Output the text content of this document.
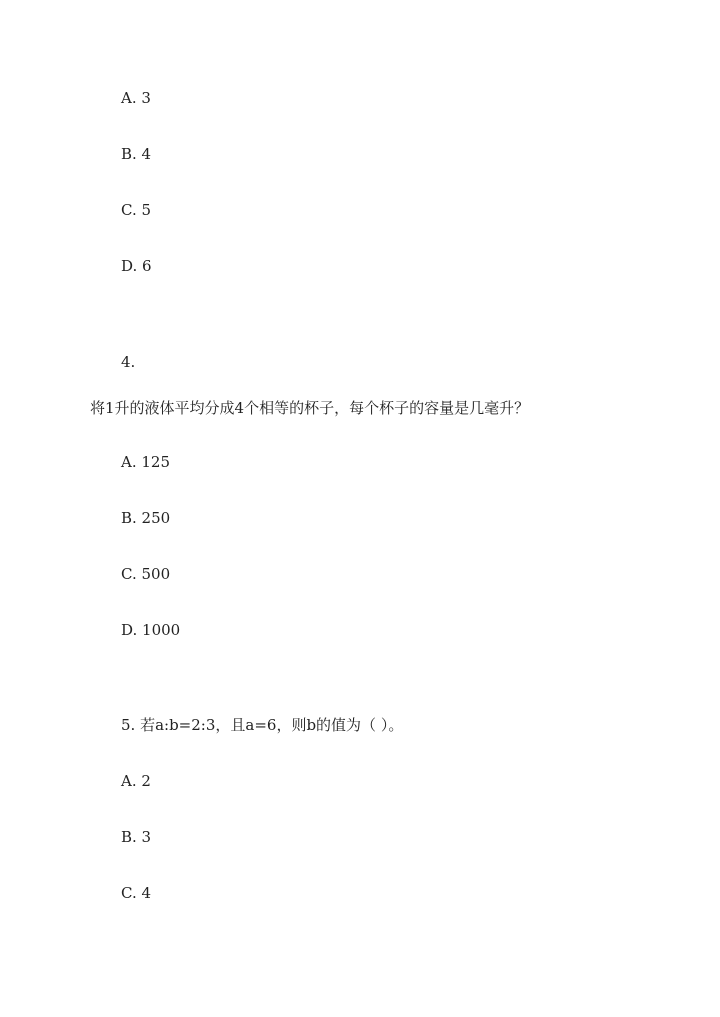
A. 3
B. 4
C. 5
D. 6
4.
将1升的液体平均分成4个相等的杯子，每个杯子的容量是几毫升？
A. 125
B. 250
C. 500
D. 1000
5. 若a:b=2:3，且a=6，则b的值为（ ）。
A. 2
B. 3
C. 4
